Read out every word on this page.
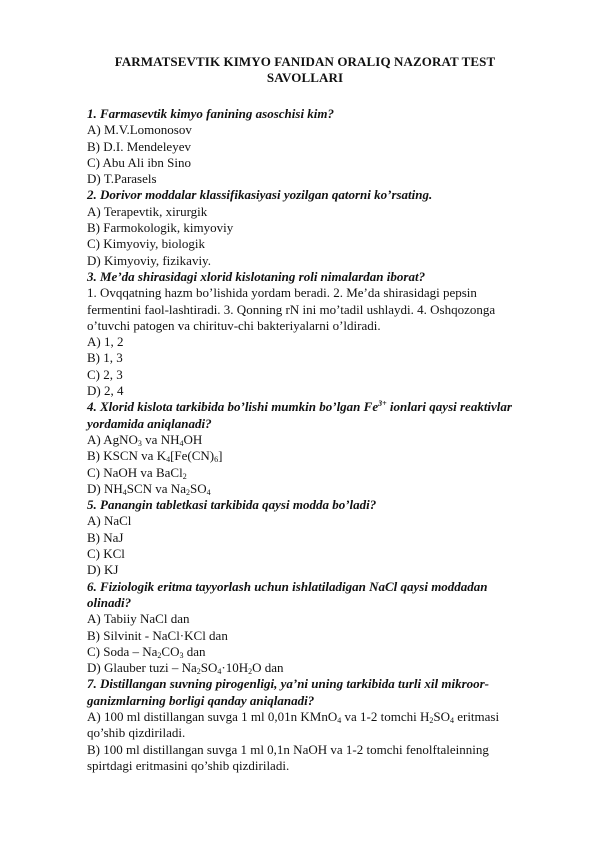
FARMATSEVTIK KIMYO FANIDAN ORALIQ NAZORAT TEST
SAVOLLARI
1. Farmasevtik kimyo fanining asoschisi kim?
A) M.V.Lomonosov
B) D.I. Mendeleyev
C) Abu Ali ibn Sino
D) T.Parasels
2. Dorivor moddalar klassifikasiyasi yozilgan qatorni ko’rsating.
A) Terapevtik, xirurgik
B) Farmokologik, kimyoviy
C) Kimyoviy, biologik
D) Kimyoviy, fizikaviy.
3. Me’da shirasidagi xlorid kislotaning roli nimalardan iborat?
1. Ovqqatning hazm bo’lishida yordam beradi. 2. Me’da shirasidagi pepsin fermentini faol-lashtiradi. 3. Qonning rN ini mo’tadil ushlaydi. 4. Oshqozonga o’tuvchi patogen va chirituv-chi bakteriyalarni o’ldiradi.
A) 1, 2
B) 1, 3
C) 2, 3
D) 2, 4
4. Xlorid kislota tarkibida bo’lishi mumkin bo’lgan $Fe^{3+}$ ionlari qaysi reaktivlar yordamida aniqlanadi?
A) AgNO$_3$ va $NH_4OH$
B) KSCN va $K_4[Fe(CN)_6]$
C) NaOH va BaCl$_2$
D) $NH_4SCN$ va $Na_2SO_4$
5. Panangin tabletkasi tarkibida qaysi modda bo’ladi?
A) NaCl
B) NaJ
C) KCl
D) KJ
6. Fiziologik eritma tayyorlash uchun ishlatiladigan NaCl qaysi moddadan olinadi?
A) Tabiiy NaCl dan
B) Silvinit - NaCl·KCl dan
C) Soda – $Na_2CO_3$ dan
D) Glauber tuzi – $Na_2SO_4\cdot 10H_2O$ dan
7. Distillangan suvning pirogenligi, ya’ni uning tarkibida turli xil mikroor-ganizmlarning borligi qanday aniqlanadi?
A) 100 ml distillangan suvga 1 ml 0,01n KMnO$_4$ va 1-2 tomchi $H_2SO_4$ eritmasi qo’shib qizdiriladi.
B) 100 ml distillangan suvga 1 ml 0,1n NaOH va 1-2 tomchi fenolftaleinning spirtdagi eritmasini qo’shib qizdiriladi.
